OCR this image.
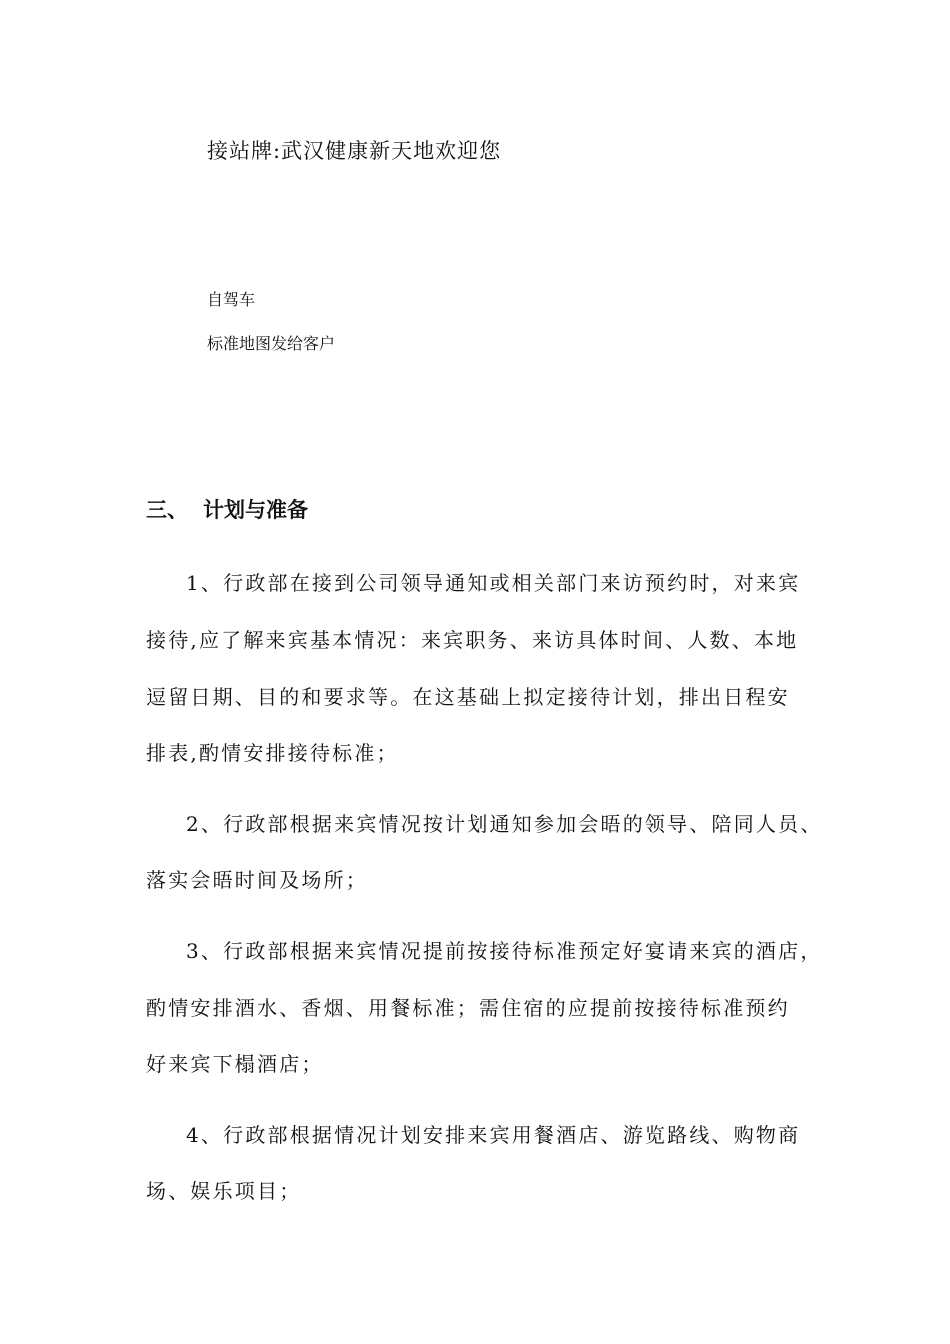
接站牌:武汉健康新天地欢迎您

自驾车

标准地图发给客户

三、 计划与准备

1、行政部在接到公司领导通知或相关部门来访预约时，对来宾

接待,应了解来宾基本情况：来宾职务、来访具体时间、人数、本地

逗留日期、目的和要求等。在这基础上拟定接待计划，排出日程安

排表,酌情安排接待标准；

2、行政部根据来宾情况按计划通知参加会晤的领导、陪同人员、

落实会晤时间及场所；

3、行政部根据来宾情况提前按接待标准预定好宴请来宾的酒店，

酌情安排酒水、香烟、用餐标准；需住宿的应提前按接待标准预约

好来宾下榻酒店；

4、行政部根据情况计划安排来宾用餐酒店、游览路线、购物商

场、娱乐项目；
